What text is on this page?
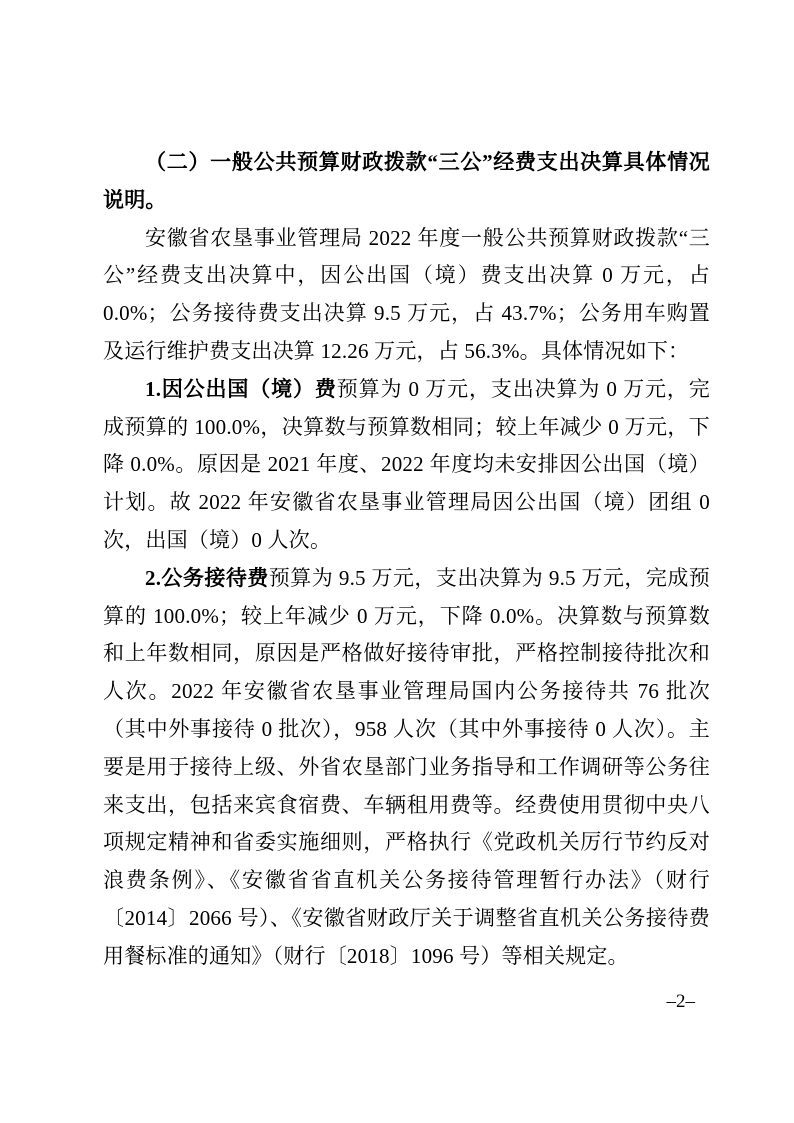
（二）一般公共预算财政拨款“三公”经费支出决算具体情况说明。

安徽省农垦事业管理局 2022 年度一般公共预算财政拨款“三公”经费支出决算中，因公出国（境）费支出决算 0 万元，占 0.0%；公务接待费支出决算 9.5 万元，占 43.7%；公务用车购置及运行维护费支出决算 12.26 万元，占 56.3%。具体情况如下：

1.因公出国（境）费预算为 0 万元，支出决算为 0 万元，完成预算的 100.0%，决算数与预算数相同；较上年减少 0 万元，下降 0.0%。原因是 2021 年度、2022 年度均未安排因公出国（境）计划。故 2022 年安徽省农垦事业管理局因公出国（境）团组 0 次，出国（境）0 人次。

2.公务接待费预算为 9.5 万元，支出决算为 9.5 万元，完成预算的 100.0%；较上年减少 0 万元，下降 0.0%。决算数与预算数和上年数相同，原因是严格做好接待审批，严格控制接待批次和人次。2022 年安徽省农垦事业管理局国内公务接待共 76 批次（其中外事接待 0 批次），958 人次（其中外事接待 0 人次）。主要是用于接待上级、外省农垦部门业务指导和工作调研等公务往来支出，包括来宾食宿费、车辆租用费等。经费使用贯彻中央八项规定精神和省委实施细则，严格执行《党政机关厉行节约反对浪费条例》、《安徽省省直机关公务接待管理暂行办法》（财行〔2014〕2066 号）、《安徽省财政厅关于调整省直机关公务接待费用餐标准的通知》（财行〔2018〕1096 号）等相关规定。

–2–
